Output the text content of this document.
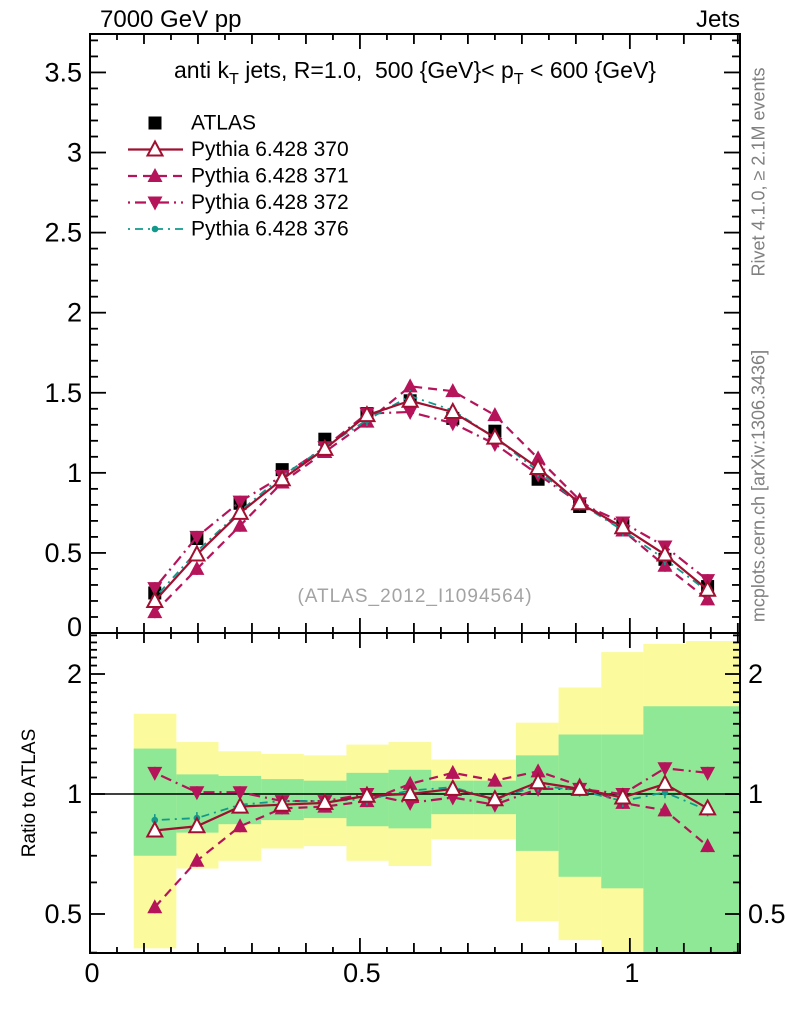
0	0.5	1
0
0.5
1
1.5
2
2.5
3
3.5
0.5	0.5
1	1
2	2
ATLAS
Pythia 6.428 370
Pythia 6.428 371
Pythia 6.428 372
Pythia 6.428 376
7000 GeV pp	Jets
anti $k_T$ jets, R=1.0,  500 $\{GeV\}< p_T < 600$ {GeV}
(ATLAS_2012_I1094564)
Rivet 4.1.0, ≥ 2.1M events
mcplots.cern.ch [arXiv:1306.3436]
Ratio to ATLAS
